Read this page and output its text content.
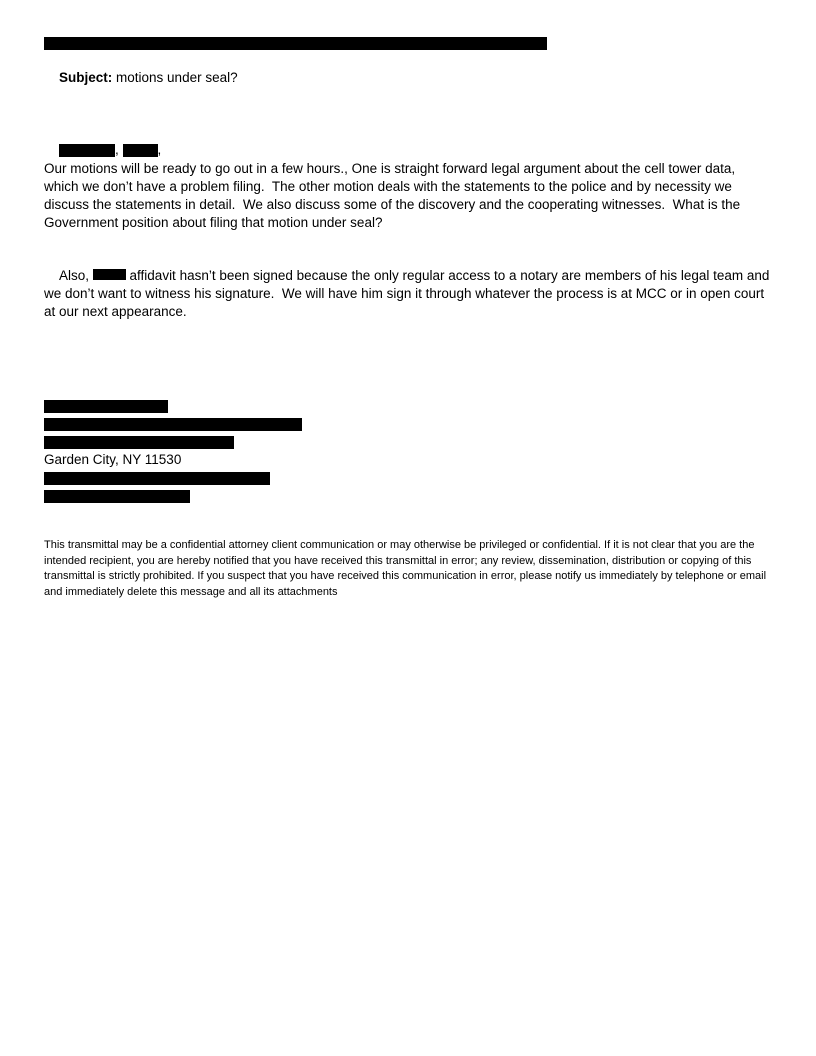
Subject: motions under seal?

,	,

Our motions will be ready to go out in a few hours., One is straight forward legal argument about the cell tower data, which we don’t have a problem filing.  The other motion deals with the statements to the police and by necessity we discuss the statements in detail.  We also discuss some of the discovery and the cooperating witnesses.  What is the Government position about filing that motion under seal?

Also,  affidavit hasn’t been signed because the only regular access to a notary are members of his legal team and we don’t want to witness his signature.  We will have him sign it through whatever the process is at MCC or in open court at our next appearance.

Garden City, NY 11530
This transmittal may be a confidential attorney client communication or may otherwise be privileged or confidential. If it is not clear that you are the intended recipient, you are hereby notified that you have received this transmittal in error; any review, dissemination, distribution or copying of this transmittal is strictly prohibited. If you suspect that you have received this communication in error, please notify us immediately by telephone or email and immediately delete this message and all its attachments
